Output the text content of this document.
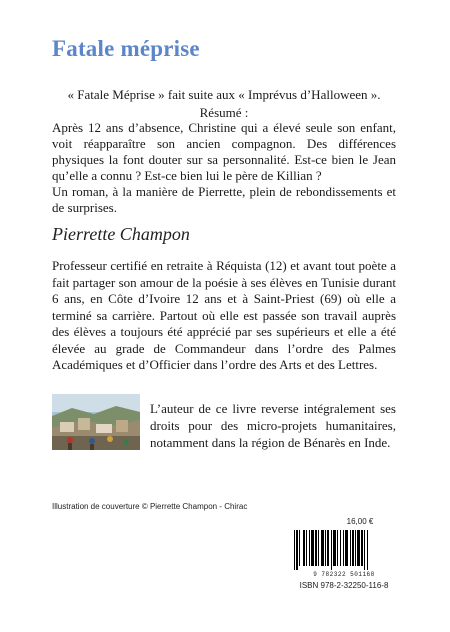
Fatale méprise
« Fatale Méprise » fait suite aux « Imprévus d’Halloween ».
Résumé :

Après 12 ans d’absence, Christine qui a élevé seule son enfant, voit réapparaître son ancien compagnon. Des différences physiques la font douter sur sa personnalité. Est-ce bien le Jean qu’elle a connu ? Est-ce bien lui le père de Killian ?

Un roman, à la manière de Pierrette, plein de rebondissements et de surprises.

Pierrette Champon
Professeur certifié en retraite à Réquista (12) et avant tout poète a fait partager son amour de la poésie à ses élèves en Tunisie durant 6 ans, en Côte d’Ivoire 12 ans et à Saint-Priest (69) où elle a terminé sa carrière. Partout où elle est passée son travail auprès des élèves a toujours été apprécié par ses supérieurs et elle a été élevée au grade de Commandeur dans l’ordre des Palmes Académiques et d’Officier dans l’ordre des Arts et des Lettres.
L’auteur de ce livre reverse intégralement ses droits pour des micro-projets humanitaires, notamment dans la région de Bénarès en Inde.
Illustration de couverture © Pierrette Champon - Chirac
16,00 €
9 782322 501168
ISBN 978-2-32250-116-8
